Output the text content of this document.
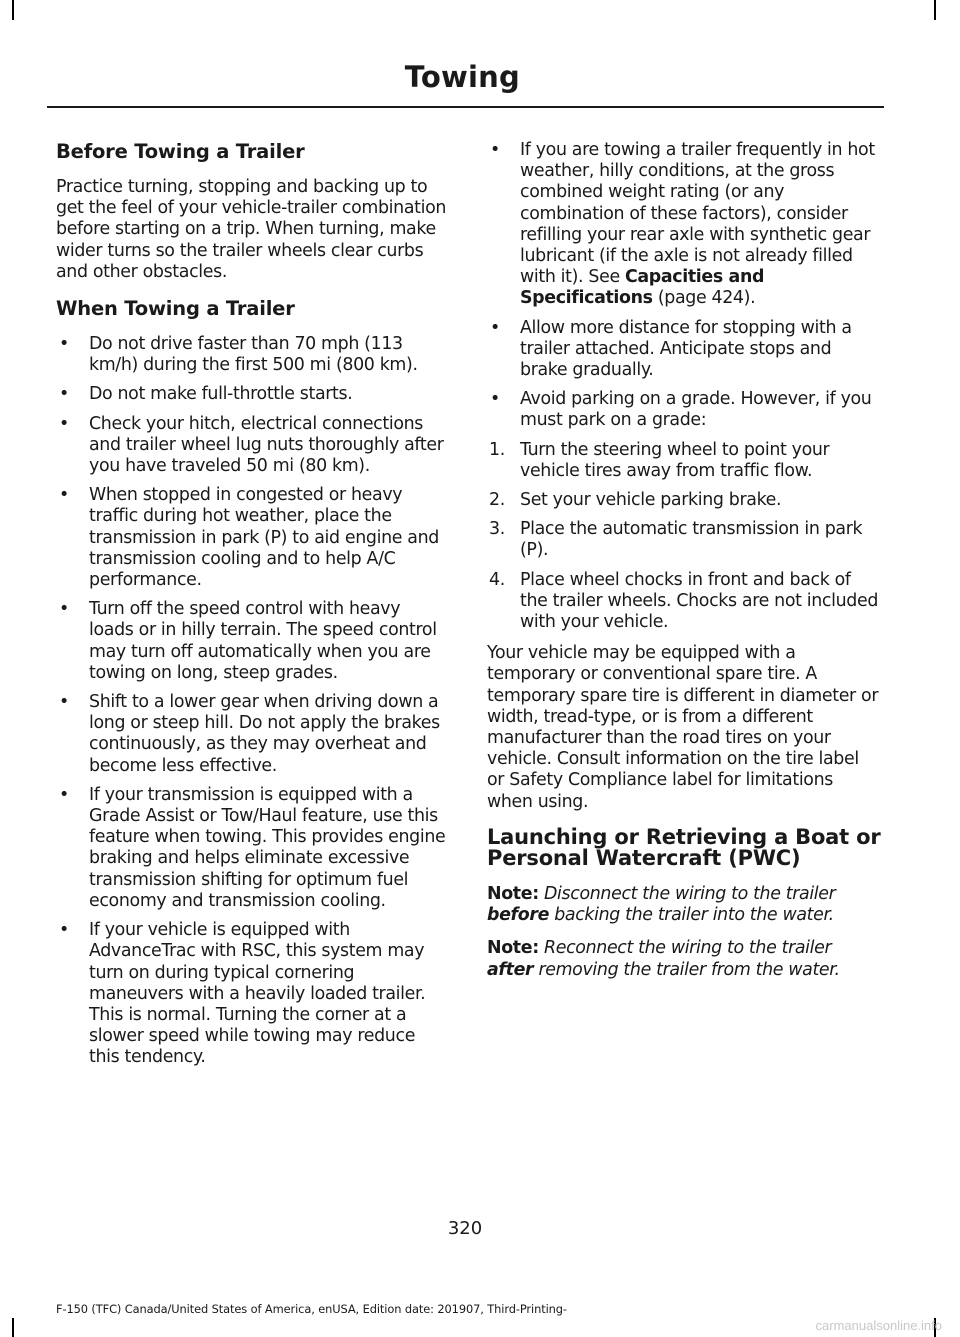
Towing
Before Towing a Trailer

Practice turning, stopping and backing up to get the feel of your vehicle-trailer combination before starting on a trip. When turning, make wider turns so the trailer wheels clear curbs and other obstacles.

When Towing a Trailer
• Do not drive faster than 70 mph (113 km/h) during the first 500 mi (800 km).
• Do not make full-throttle starts.
• Check your hitch, electrical connections and trailer wheel lug nuts thoroughly after you have traveled 50 mi (80 km).
• When stopped in congested or heavy traffic during hot weather, place the transmission in park (P) to aid engine and transmission cooling and to help A/C performance.
• Turn off the speed control with heavy loads or in hilly terrain. The speed control may turn off automatically when you are towing on long, steep grades.
• Shift to a lower gear when driving down a long or steep hill. Do not apply the brakes continuously, as they may overheat and become less effective.
• If your transmission is equipped with a Grade Assist or Tow/Haul feature, use this feature when towing. This provides engine braking and helps eliminate excessive transmission shifting for optimum fuel economy and transmission cooling.
• If your vehicle is equipped with AdvanceTrac with RSC, this system may turn on during typical cornering maneuvers with a heavily loaded trailer. This is normal. Turning the corner at a slower speed while towing may reduce this tendency.
• If you are towing a trailer frequently in hot weather, hilly conditions, at the gross combined weight rating (or any combination of these factors), consider refilling your rear axle with synthetic gear lubricant (if the axle is not already filled with it). See Capacities and Specifications (page 424).
• Allow more distance for stopping with a trailer attached. Anticipate stops and brake gradually.
• Avoid parking on a grade. However, if you must park on a grade:
1. Turn the steering wheel to point your vehicle tires away from traffic flow.
2. Set your vehicle parking brake.
3. Place the automatic transmission in park (P).
4. Place wheel chocks in front and back of the trailer wheels. Chocks are not included with your vehicle.

Your vehicle may be equipped with a temporary or conventional spare tire. A temporary spare tire is different in diameter or width, tread-type, or is from a different manufacturer than the road tires on your vehicle. Consult information on the tire label or Safety Compliance label for limitations when using.

Launching or Retrieving a Boat or Personal Watercraft (PWC)

Note: Disconnect the wiring to the trailer before backing the trailer into the water.

Note: Reconnect the wiring to the trailer after removing the trailer from the water.

320
F-150 (TFC) Canada/United States of America, enUSA, Edition date: 201907, Third-Printing-
carmanualsonline.info
